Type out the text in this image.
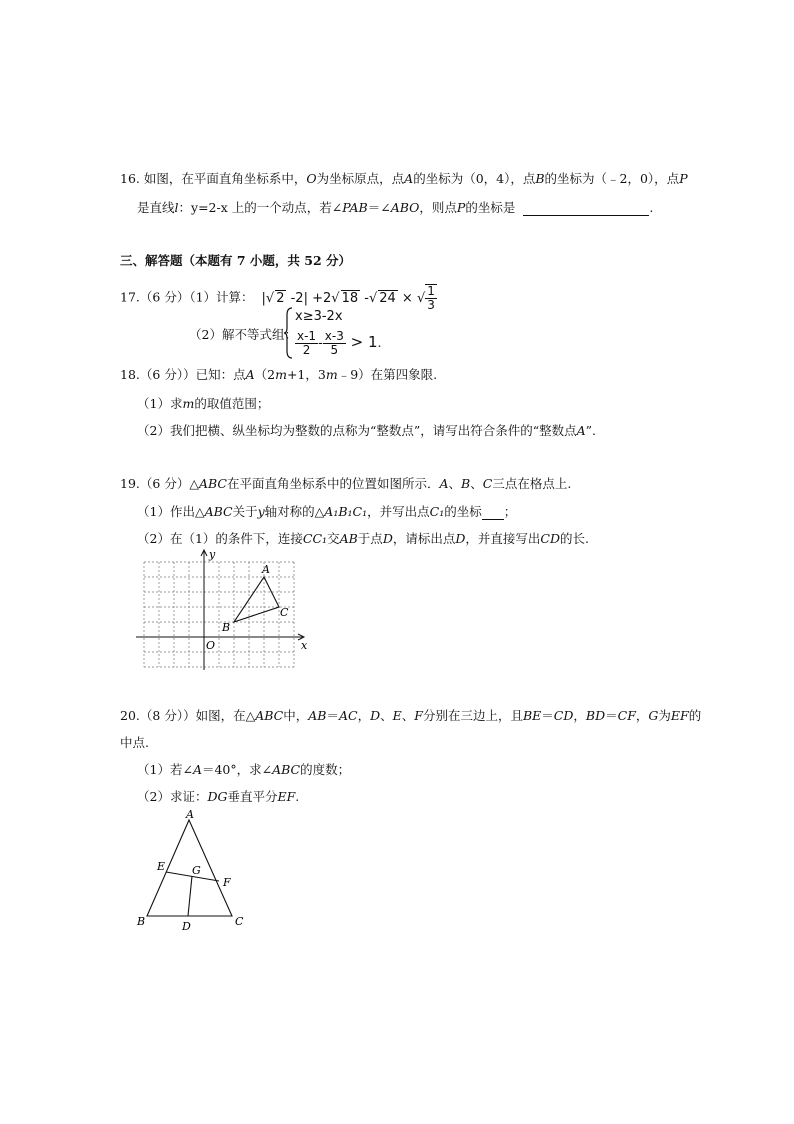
16. 如图，在平面直角坐标系中，O为坐标原点，点A的坐标为（0，4），点B的坐标为（﹣2，0），点P
是直线l：y=2-x 上的一个动点，若∠PAB＝∠ABO，则点P的坐标是	.
三、解答题（本题有 7 小题，共 52 分）
17.（6 分）（1）计算： |√ 2 -2| +2√ 18 -√ 24 × √ $\frac{1}{3}$
（2）解不等式组：
x≥3-2x
$\frac{x-1}{2} - \frac{x-3}{5} > 1$.
18.（6 分））已知：点A（2m+1，3m﹣9）在第四象限.
（1）求m的取值范围；
（2）我们把横、纵坐标均为整数的点称为“整数点”，请写出符合条件的“整数点A”.
19.（6 分）△ABC在平面直角坐标系中的位置如图所示．A、B、C三点在格点上.
（1）作出△ABC关于y轴对称的△A₁B₁C₁，并写出点C₁的坐标 ；
（2）在（1）的条件下，连接CC₁交AB于点D，请标出点D，并直接写出CD的长.
y
x
O
A
B
C
20.（8 分））如图，在△ABC中，AB＝AC，D、E、F分别在三边上，且BE＝CD，BD＝CF，G为EF的
中点.
（1）若∠A＝40°，求∠ABC的度数；
（2）求证：DG垂直平分EF.
A
B	C
D
E
F
G
